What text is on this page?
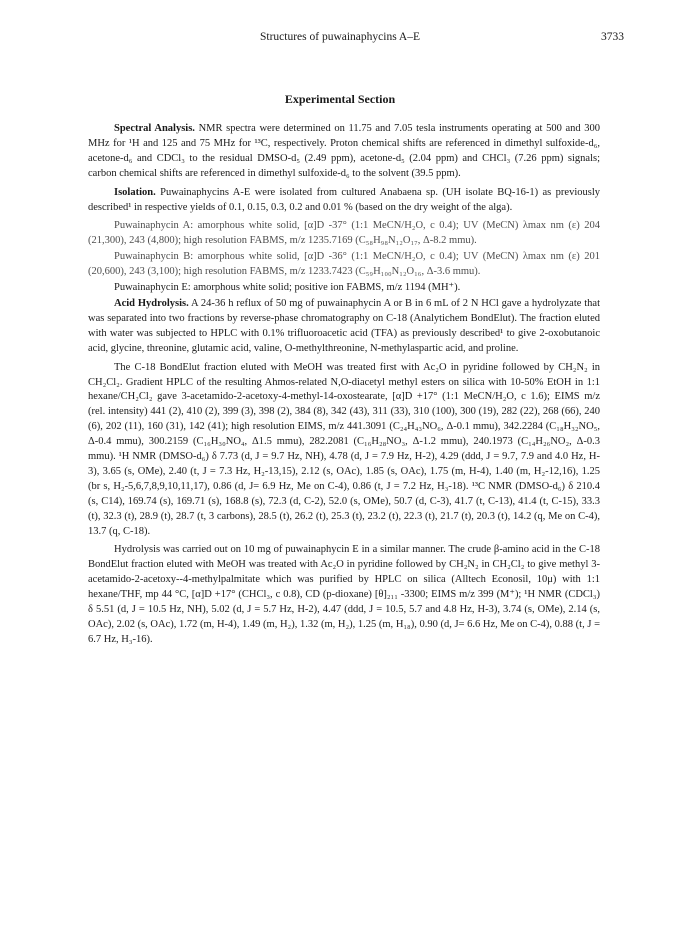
Structures of puwainaphycins A–E	3733
Experimental Section

Spectral Analysis. NMR spectra were determined on 11.75 and 7.05 tesla instruments operating at 500 and 300 MHz for ¹H and 125 and 75 MHz for ¹³C, respectively. Proton chemical shifts are referenced in dimethyl sulfoxide-d₆, acetone-d₆ and CDCl₃ to the residual DMSO-d₅ (2.49 ppm), acetone-d₅ (2.04 ppm) and CHCl₃ (7.26 ppm) signals; carbon chemical shifts are referenced in dimethyl sulfoxide-d₆ to the solvent (39.5 ppm).

Isolation. Puwainaphycins A-E were isolated from cultured Anabaena sp. (UH isolate BQ-16-1) as previously described¹ in respective yields of 0.1, 0.15, 0.3, 0.2 and 0.01 % (based on the dry weight of the alga).

Puwainaphycin A: amorphous white solid, [α]D -37° (1:1 MeCN/H₂O, c 0.4); UV (MeCN) λmax nm (ε) 204 (21,300), 243 (4,800); high resolution FABMS, m/z 1235.7169 (C₅₈H₉₈N₁₂O₁₇, Δ-8.2 mmu).

Puwainaphycin B: amorphous white solid, [α]D -36° (1:1 MeCN/H₂O, c 0.4); UV (MeCN) λmax nm (ε) 201 (20,600), 243 (3,100); high resolution FABMS, m/z 1233.7423 (C₅₉H₁₀₀N₁₂O₁₆, Δ-3.6 mmu).

Puwainaphycin E: amorphous white solid; positive ion FABMS, m/z 1194 (MH⁺).

Acid Hydrolysis. A 24-36 h reflux of 50 mg of puwainaphycin A or B in 6 mL of 2 N HCl gave a hydrolyzate that was separated into two fractions by reverse-phase chromatography on C-18 (Analytichem BondElut). The fraction eluted with water was subjected to HPLC with 0.1% trifluoroacetic acid (TFA) as previously described¹ to give 2-oxobutanoic acid, glycine, threonine, glutamic acid, valine, O-methylthreonine, N-methylaspartic acid, and proline.

The C-18 BondElut fraction eluted with MeOH was treated first with Ac₂O in pyridine followed by CH₂N₂ in CH₂Cl₂. Gradient HPLC of the resulting Ahmos-related N,O-diacetyl methyl esters on silica with 10-50% EtOH in 1:1 hexane/CH₂Cl₂ gave 3-acetamido-2-acetoxy-4-methyl-14-oxostearate, [α]D +17° (1:1 MeCN/H₂O, c 1.6); EIMS m/z (rel. intensity) 441 (2), 410 (2), 399 (3), 398 (2), 384 (8), 342 (43), 311 (33), 310 (100), 300 (19), 282 (22), 268 (66), 240 (6), 202 (11), 160 (31), 142 (41); high resolution EIMS, m/z 441.3091 (C₂₄H₄₃NO₆, Δ-0.1 mmu), 342.2284 (C₁₈H₃₂NO₅, Δ-0.4 mmu), 300.2159 (C₁₆H₃₀NO₄, Δ1.5 mmu), 282.2081 (C₁₆H₂₈NO₃, Δ-1.2 mmu), 240.1973 (C₁₄H₂₆NO₂, Δ-0.3 mmu). ¹H NMR (DMSO-d₆) δ 7.73 (d, J = 9.7 Hz, NH), 4.78 (d, J = 7.9 Hz, H-2), 4.29 (ddd, J = 9.7, 7.9 and 4.0 Hz, H-3), 3.65 (s, OMe), 2.40 (t, J = 7.3 Hz, H₂-13,15), 2.12 (s, OAc), 1.85 (s, OAc), 1.75 (m, H-4), 1.40 (m, H₂-12,16), 1.25 (br s, H₂-5,6,7,8,9,10,11,17), 0.86 (d, J= 6.9 Hz, Me on C-4), 0.86 (t, J = 7.2 Hz, H₃-18). ¹³C NMR (DMSO-d₆) δ 210.4 (s, C14), 169.74 (s), 169.71 (s), 168.8 (s), 72.3 (d, C-2), 52.0 (s, OMe), 50.7 (d, C-3), 41.7 (t, C-13), 41.4 (t, C-15), 33.3 (t), 32.3 (t), 28.9 (t), 28.7 (t, 3 carbons), 28.5 (t), 26.2 (t), 25.3 (t), 23.2 (t), 22.3 (t), 21.7 (t), 20.3 (t), 14.2 (q, Me on C-4), 13.7 (q, C-18).

Hydrolysis was carried out on 10 mg of puwainaphycin E in a similar manner. The crude β-amino acid in the C-18 BondElut fraction eluted with MeOH was treated with Ac₂O in pyridine followed by CH₂N₂ in CH₂Cl₂ to give methyl 3-acetamido-2-acetoxy--4-methylpalmitate which was purified by HPLC on silica (Alltech Econosil, 10μ) with 1:1 hexane/THF, mp 44 °C, [α]D +17° (CHCl₃, c 0.8), CD (p-dioxane) [θ]₂₁₁ -3300; EIMS m/z 399 (M⁺); ¹H NMR (CDCl₃) δ 5.51 (d, J = 10.5 Hz, NH), 5.02 (d, J = 5.7 Hz, H-2), 4.47 (ddd, J = 10.5, 5.7 and 4.8 Hz, H-3), 3.74 (s, OMe), 2.14 (s, OAc), 2.02 (s, OAc), 1.72 (m, H-4), 1.49 (m, H₂), 1.32 (m, H₂), 1.25 (m, H₁₈), 0.90 (d, J= 6.6 Hz, Me on C-4), 0.88 (t, J = 6.7 Hz, H₃-16).
